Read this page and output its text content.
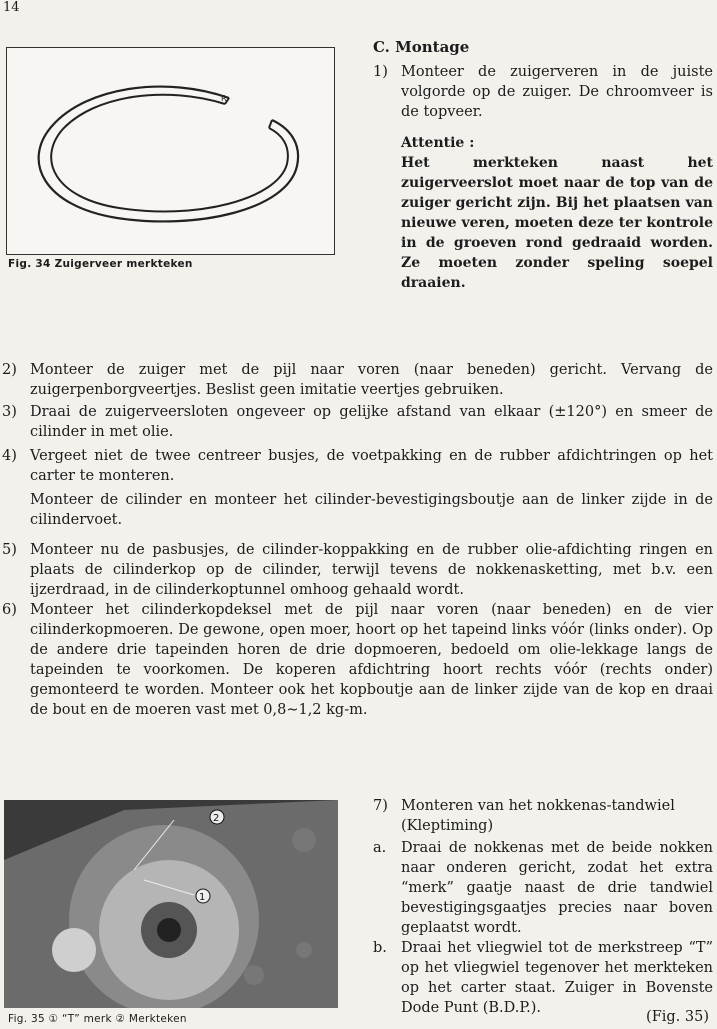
14
R
Fig. 34 Zuigerveer merkteken
C. Montage
1) Monteer de zuigerveren in de juiste volgorde op de zuiger. De chroomveer is de topveer.
Attentie :
Het merkteken naast het zuigerveerslot moet naar de top van de zuiger gericht zijn. Bij het plaatsen van nieuwe veren, moeten deze ter kontrole in de groeven rond gedraaid worden. Ze moeten zonder speling soepel draaien.
2) Monteer de zuiger met de pijl naar voren (naar beneden) gericht. Vervang de zuigerpenborgveertjes. Beslist geen imitatie veertjes gebruiken.
3) Draai de zuigerveersloten ongeveer op gelijke afstand van elkaar (±120°) en smeer de cilinder in met olie.
4) Vergeet niet de twee centreer busjes, de voetpakking en de rubber afdichtringen op het carter te monteren.
Monteer de cilinder en monteer het cilinder-bevestigingsboutje aan de linker zijde in de cilindervoet.
5) Monteer nu de pasbusjes, de cilinder-koppakking en de rubber olie-afdichting ringen en plaats de cilinderkop op de cilinder, terwijl tevens de nokkenasketting, met b.v. een ijzerdraad, in de cilinderkoptunnel omhoog gehaald wordt.
6) Monteer het cilinderkopdeksel met de pijl naar voren (naar beneden) en de vier cilinderkopmoeren. De gewone, open moer, hoort op het tapeind links vóór (links onder). Op de andere drie tapeinden horen de drie dopmoeren, bedoeld om olie-lekkage langs de tapeinden te voorkomen. De koperen afdichtring hoort rechts vóór (rechts onder) gemonteerd te worden. Monteer ook het kopboutje aan de linker zijde van de kop en draai de bout en de moeren vast met 0,8∼1,2 kg-m.
2
1
Fig. 35 ① “T” merk ② Merkteken
7) Monteren van het nokkenas-tandwiel (Kleptiming)
a.	Draai de nokkenas met de beide nokken naar onderen gericht, zodat het extra “merk” gaatje naast de drie tandwiel bevestigingsgaatjes precies naar boven geplaatst wordt.
b. Draai het vliegwiel tot de merkstreep “T” op het vliegwiel tegenover het merkteken op het carter staat. Zuiger in Bovenste Dode Punt (B.D.P.).
(Fig. 35)
